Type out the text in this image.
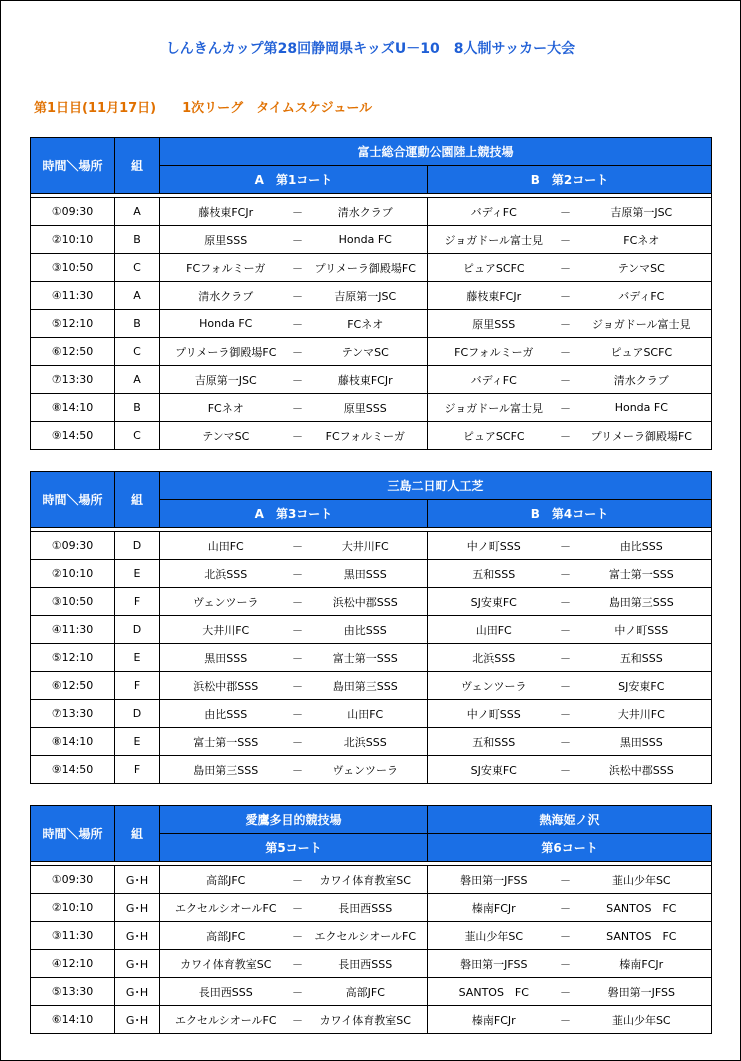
しんきんカップ第28回静岡県キッズU－10　8人制サッカー大会
第1日目(11月17日)　　1次リーグ　タイムスケジュール
時間＼場所	組	富士総合運動公園陸上競技場					
		A　第1コート			B　第2コート		

①09:30	A	藤枝東FCJr	－	清水クラブ	バディFC	－	吉原第一JSC
②10:10	B	原里SSS	－	Honda FC	ジョガドール富士見	－	FCネオ
③10:50	C	FCフォルミーガ	－	プリメーラ御殿場FC	ピュアSCFC	－	テンマSC
④11:30	A	清水クラブ	－	吉原第一JSC	藤枝東FCJr	－	バディFC
⑤12:10	B	Honda FC	－	FCネオ	原里SSS	－	ジョガドール富士見
⑥12:50	C	プリメーラ御殿場FC	－	テンマSC	FCフォルミーガ	－	ピュアSCFC
⑦13:30	A	吉原第一JSC	－	藤枝東FCJr	バディFC	－	清水クラブ
⑧14:10	B	FCネオ	－	原里SSS	ジョガドール富士見	－	Honda FC
⑨14:50	C	テンマSC	－	FCフォルミーガ	ピュアSCFC	－	プリメーラ御殿場FC
時間＼場所	組	三島二日町人工芝					
		A　第3コート			B　第4コート		

①09:30	D	山田FC	－	大井川FC	中ノ町SSS	－	由比SSS
②10:10	E	北浜SSS	－	黒田SSS	五和SSS	－	富士第一SSS
③10:50	F	ヴェンツーラ	－	浜松中郡SSS	SJ安東FC	－	島田第三SSS
④11:30	D	大井川FC	－	由比SSS	山田FC	－	中ノ町SSS
⑤12:10	E	黒田SSS	－	富士第一SSS	北浜SSS	－	五和SSS
⑥12:50	F	浜松中郡SSS	－	島田第三SSS	ヴェンツーラ	－	SJ安東FC
⑦13:30	D	由比SSS	－	山田FC	中ノ町SSS	－	大井川FC
⑧14:10	E	富士第一SSS	－	北浜SSS	五和SSS	－	黒田SSS
⑨14:50	F	島田第三SSS	－	ヴェンツーラ	SJ安東FC	－	浜松中郡SSS
時間＼場所	組	愛鷹多目的競技場			熱海姫ノ沢		
		第5コート			第6コート		

①09:30	G･H	高部JFC	－	カワイ体育教室SC	磐田第一JFSS	－	韮山少年SC
②10:10	G･H	エクセルシオールFC	－	長田西SSS	榛南FCJr	－	SANTOS　FC
③11:30	G･H	高部JFC	－	エクセルシオールFC	韮山少年SC	－	SANTOS　FC
④12:10	G･H	カワイ体育教室SC	－	長田西SSS	磐田第一JFSS	－	榛南FCJr
⑤13:30	G･H	長田西SSS	－	高部JFC	SANTOS　FC	－	磐田第一JFSS
⑥14:10	G･H	エクセルシオールFC	－	カワイ体育教室SC	榛南FCJr	－	韮山少年SC
